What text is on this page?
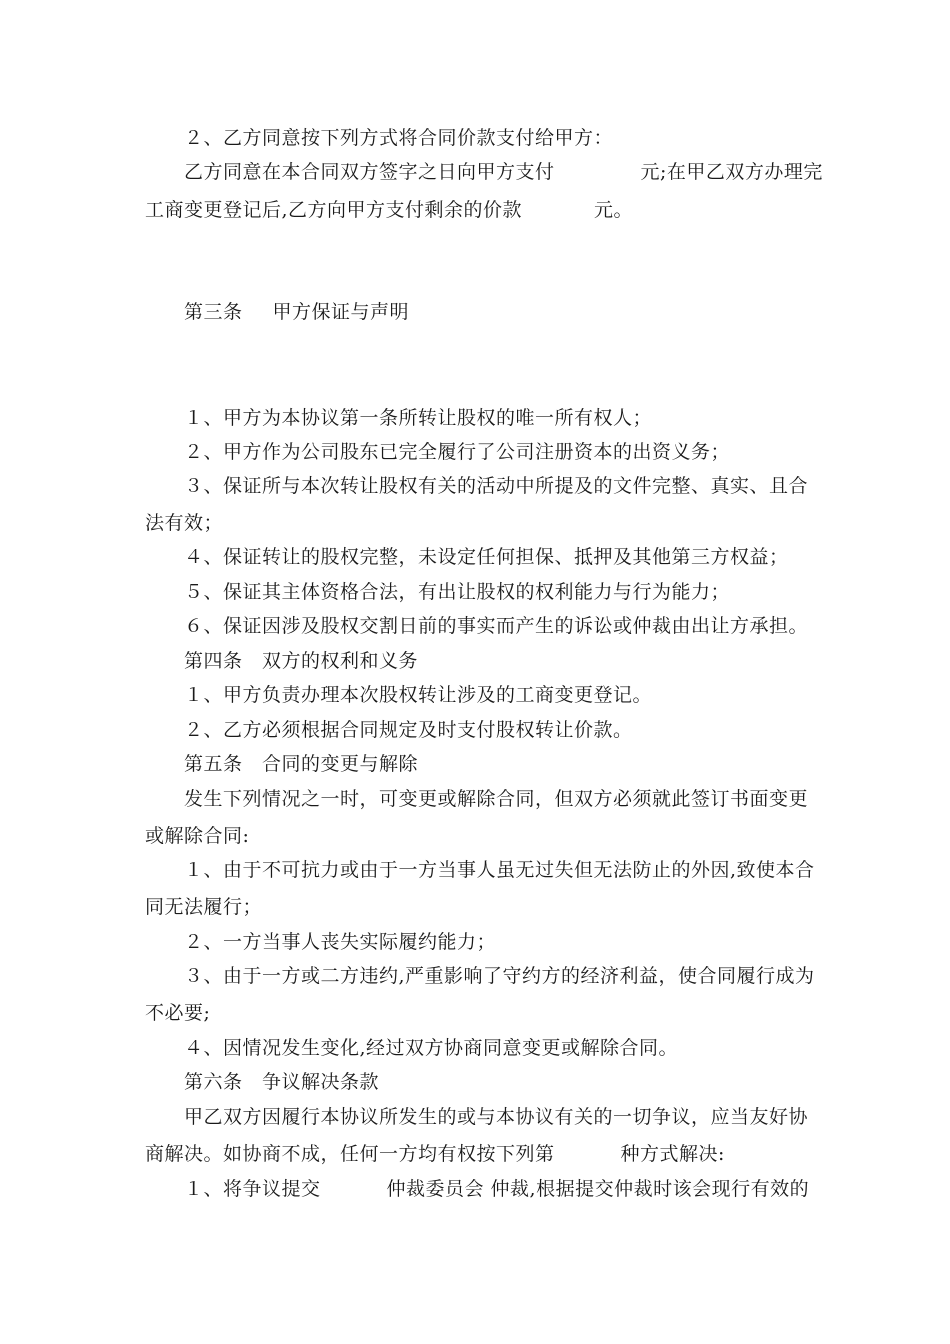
２、乙方同意按下列方式将合同价款支付给甲方：
乙方同意在本合同双方签字之日向甲方支付	元;在甲乙双方办理完
工商变更登记后,乙方向甲方支付剩余的价款	元。
第三条 甲方保证与声明
１、甲方为本协议第一条所转让股权的唯一所有权人；
２、甲方作为公司股东已完全履行了公司注册资本的出资义务；
３、保证所与本次转让股权有关的活动中所提及的文件完整、真实、且合
法有效；
４、保证转让的股权完整，未设定任何担保、抵押及其他第三方权益；
５、保证其主体资格合法，有出让股权的权利能力与行为能力；
６、保证因涉及股权交割日前的事实而产生的诉讼或仲裁由出让方承担。
第四条　双方的权利和义务
１、甲方负责办理本次股权转让涉及的工商变更登记。
２、乙方必须根据合同规定及时支付股权转让价款。
第五条　合同的变更与解除
发生下列情况之一时，可变更或解除合同，但双方必须就此签订书面变更
或解除合同:
１、由于不可抗力或由于一方当事人虽无过失但无法防止的外因,致使本合
同无法履行；
２、一方当事人丧失实际履约能力；
３、由于一方或二方违约,严重影响了守约方的经济利益，使合同履行成为
不必要;
４、因情况发生变化,经过双方协商同意变更或解除合同。
第六条　争议解决条款
甲乙双方因履行本协议所发生的或与本协议有关的一切争议，应当友好协
商解决。如协商不成，任何一方均有权按下列第	种方式解决:
１、将争议提交	仲裁委员会 仲裁,根据提交仲裁时该会现行有效的
